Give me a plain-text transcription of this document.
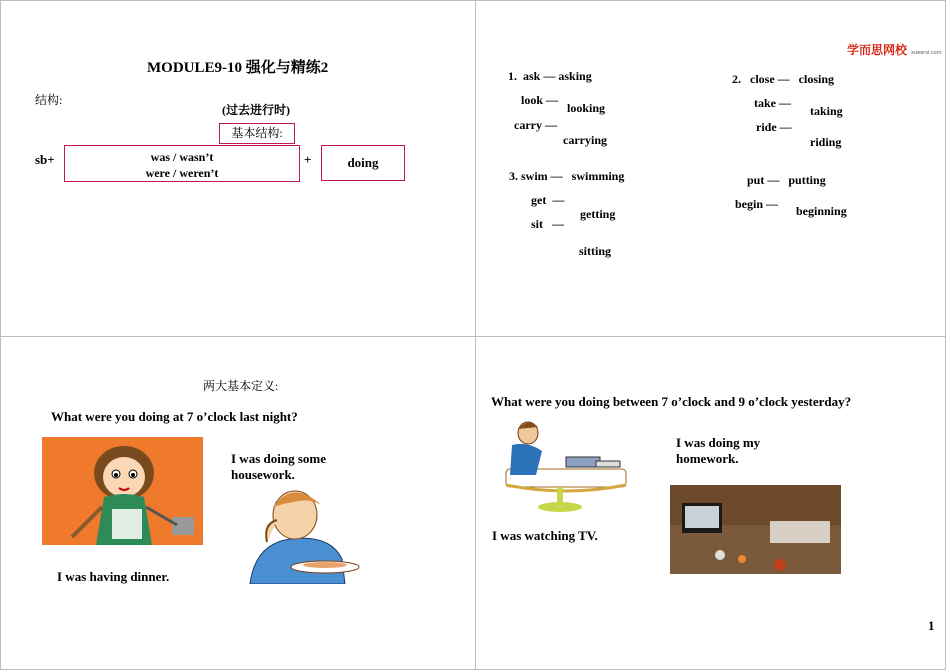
MODULE9-10 强化与精练2
结构:
(过去进行时)
基本结构:
sb+	was / wasn’t
were / weren’t
+	doing
学而思网校 xueersi.com
1. ask — asking
look —
looking
carry —
carrying
2. close — closing
take —
taking
ride —
riding
3. swim — swimming
get —
getting
sit —
sitting
put — putting
begin — beginning
两大基本定义:
What were you doing at 7 o’clock last night?
I was doing some housework.
I was having dinner.
What were you doing between 7 o’clock and 9 o’clock yesterday?
I was doing my homework.
I was watching TV.
1
